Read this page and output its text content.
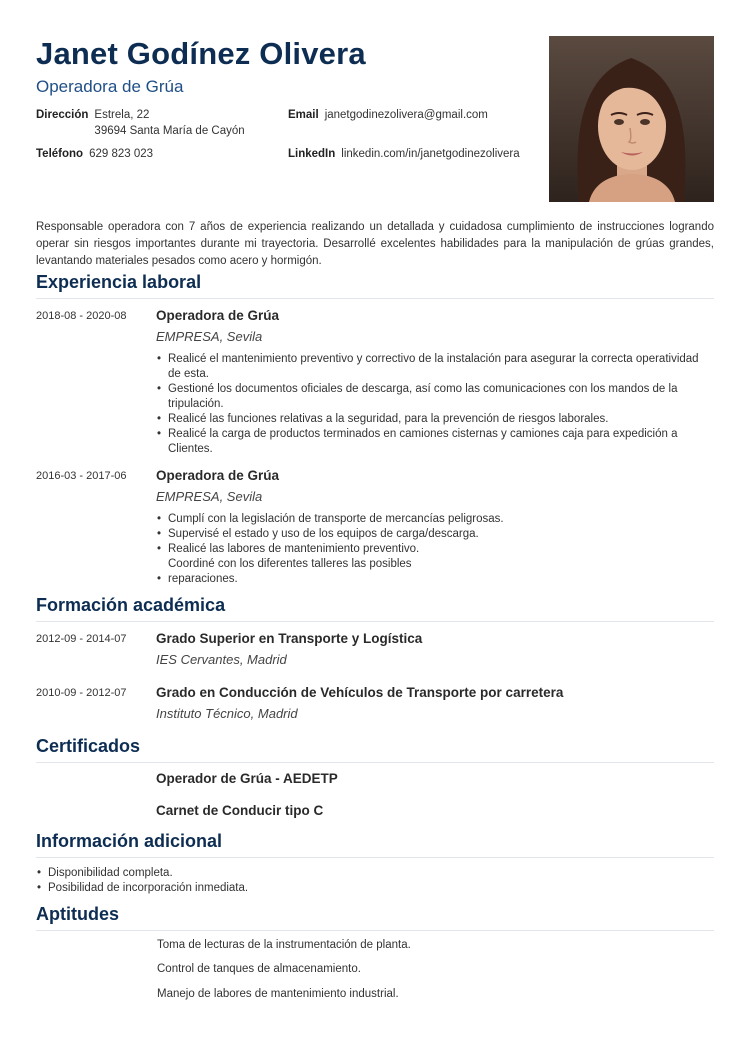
Janet Godínez Olivera
Operadora de Grúa
Dirección Estrela, 22
39694 Santa María de Cayón
Teléfono 629 823 023
Email janetgodinezolivera@gmail.com
LinkedIn linkedin.com/in/janetgodinezolivera
Responsable operadora con 7 años de experiencia realizando un detallada y cuidadosa cumplimiento de instrucciones logrando operar sin riesgos importantes durante mi trayectoria. Desarrollé excelentes habilidades para la manipulación de grúas grandes, levantando materiales pesados como acero y hormigón.
Experiencia laboral
2018-08 - 2020-08 Operadora de Grúa
EMPRESA, Sevila
• Realicé el mantenimiento preventivo y correctivo de la instalación para asegurar la correcta operatividad de esta.
• Gestioné los documentos oficiales de descarga, así como las comunicaciones con los mandos de la tripulación.
• Realicé las funciones relativas a la seguridad, para la prevención de riesgos laborales.
• Realicé la carga de productos terminados en camiones cisternas y camiones caja para expedición a Clientes.
2016-03 - 2017-06 Operadora de Grúa
EMPRESA, Sevila
• Cumplí con la legislación de transporte de mercancías peligrosas.
• Supervisé el estado y uso de los equipos de carga/descarga.
• Realicé las labores de mantenimiento preventivo.
Coordiné con los diferentes talleres las posibles
• reparaciones.
Formación académica
2012-09 - 2014-07 Grado Superior en Transporte y Logística
IES Cervantes, Madrid
2010-09 - 2012-07 Grado en Conducción de Vehículos de Transporte por carretera
Instituto Técnico, Madrid
Certificados
Operador de Grúa - AEDETP
Carnet de Conducir tipo C
Información adicional
• Disponibilidad completa.
• Posibilidad de incorporación inmediata.
Aptitudes
Toma de lecturas de la instrumentación de planta.
Control de tanques de almacenamiento.
Manejo de labores de mantenimiento industrial.
